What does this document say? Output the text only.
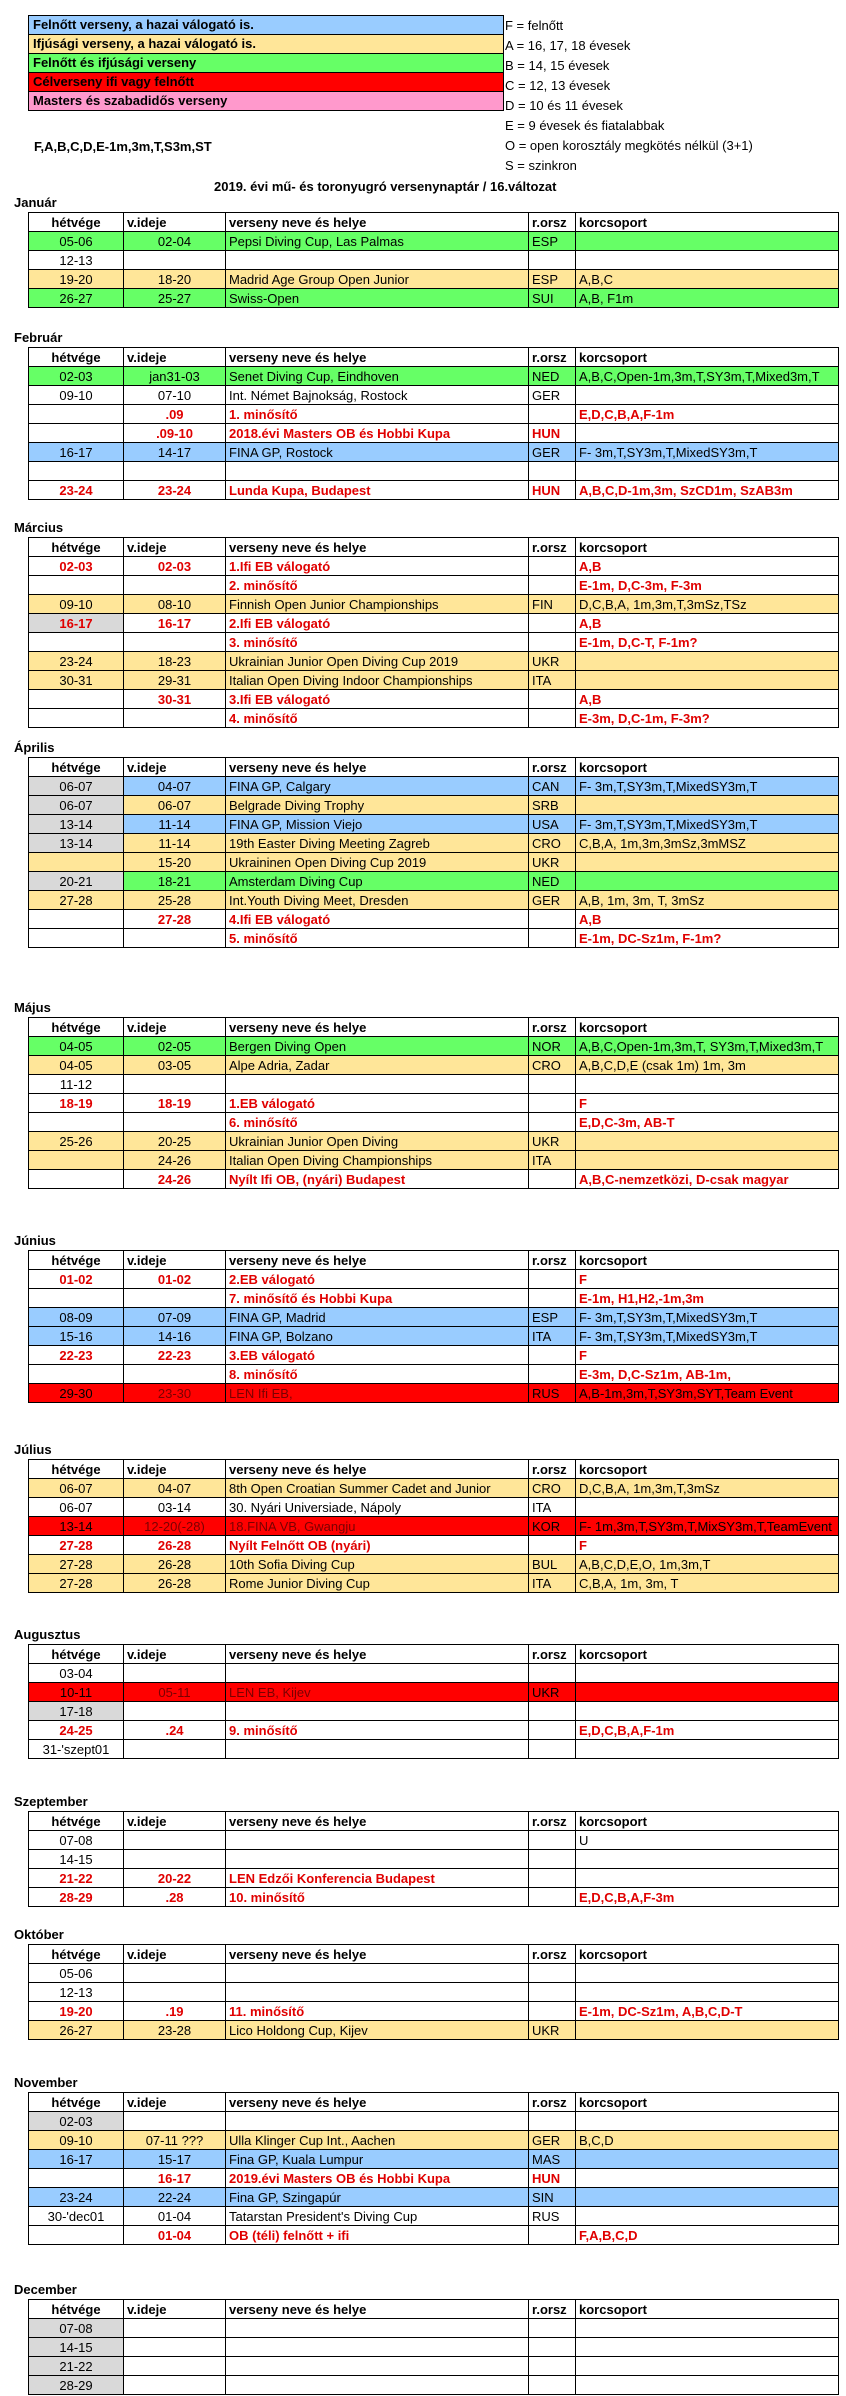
Felnőtt verseny, a hazai válogató is.
Ifjúsági verseny, a hazai válogató is.
Felnőtt és ifjúsági verseny
Célverseny ifi vagy felnőtt
Masters és szabadidős verseny
F = felnőtt
A = 16, 17, 18 évesek
B = 14, 15 évesek
C = 12, 13 évesek
D = 10 és 11 évesek
E = 9 évesek és fiatalabbak
O = open korosztály megkötés nélkül (3+1)
S = szinkron
F,A,B,C,D,E-1m,3m,T,S3m,ST
2019. évi mű- és toronyugró versenynaptár / 16.változat
Január
hétvége	v.ideje	verseny neve és helye	r.orsz	korcsoport
05-06	02-04	Pepsi Diving Cup, Las Palmas	ESP	
12-13				
19-20	18-20	Madrid Age Group Open Junior	ESP	A,B,C
26-27	25-27	Swiss-Open	SUI	A,B, F1m
Február
hétvége	v.ideje	verseny neve és helye	r.orsz	korcsoport
02-03	jan31-03	Senet Diving Cup, Eindhoven	NED	A,B,C,Open-1m,3m,T,SY3m,T,Mixed3m,T
09-10	07-10	Int. Német Bajnokság, Rostock	GER	
	.09	1. minősítő		E,D,C,B,A,F-1m
	.09-10	2018.évi Masters OB és Hobbi Kupa	HUN	
16-17	14-17	FINA GP, Rostock	GER	F- 3m,T,SY3m,T,MixedSY3m,T

23-24	23-24	Lunda Kupa, Budapest	HUN	A,B,C,D-1m,3m, SzCD1m, SzAB3m
Március
hétvége	v.ideje	verseny neve és helye	r.orsz	korcsoport
02-03	02-03	1.Ifi EB válogató		A,B
		2. minősítő		E-1m, D,C-3m, F-3m
09-10	08-10	Finnish Open Junior Championships	FIN	D,C,B,A, 1m,3m,T,3mSz,TSz
16-17	16-17	2.Ifi EB válogató		A,B
		3. minősítő		E-1m, D,C-T, F-1m?
23-24	18-23	Ukrainian Junior Open Diving Cup 2019	UKR	
30-31	29-31	Italian Open Diving Indoor Championships	ITA	
	30-31	3.Ifi EB válogató		A,B
		4. minősítő		E-3m, D,C-1m, F-3m?
Április
hétvége	v.ideje	verseny neve és helye	r.orsz	korcsoport
06-07	04-07	FINA GP, Calgary	CAN	F- 3m,T,SY3m,T,MixedSY3m,T
06-07	06-07	Belgrade Diving Trophy	SRB	
13-14	11-14	FINA GP, Mission Viejo	USA	F- 3m,T,SY3m,T,MixedSY3m,T
13-14	11-14	19th Easter Diving Meeting Zagreb	CRO	C,B,A, 1m,3m,3mSz,3mMSZ
	15-20	Ukraininen Open Diving Cup 2019	UKR	
20-21	18-21	Amsterdam Diving Cup	NED	
27-28	25-28	Int.Youth Diving Meet, Dresden	GER	A,B, 1m, 3m, T, 3mSz
	27-28	4.Ifi EB válogató		A,B
		5. minősítő		E-1m, DC-Sz1m, F-1m?
Május
hétvége	v.ideje	verseny neve és helye	r.orsz	korcsoport
04-05	02-05	Bergen Diving Open	NOR	A,B,C,Open-1m,3m,T, SY3m,T,Mixed3m,T
04-05	03-05	Alpe Adria, Zadar	CRO	A,B,C,D,E (csak 1m) 1m, 3m
11-12				
18-19	18-19	1.EB válogató		F
		6. minősítő		E,D,C-3m, AB-T
25-26	20-25	Ukrainian Junior Open Diving	UKR	
	24-26	Italian Open Diving Championships	ITA	
	24-26	Nyílt Ifi OB, (nyári) Budapest		A,B,C-nemzetközi, D-csak magyar
Június
hétvége	v.ideje	verseny neve és helye	r.orsz	korcsoport
01-02	01-02	2.EB válogató		F
		7. minősítő és Hobbi Kupa		E-1m, H1,H2,-1m,3m
08-09	07-09	FINA GP, Madrid	ESP	F- 3m,T,SY3m,T,MixedSY3m,T
15-16	14-16	FINA GP, Bolzano	ITA	F- 3m,T,SY3m,T,MixedSY3m,T
22-23	22-23	3.EB válogató		F
		8. minősítő		E-3m, D,C-Sz1m, AB-1m,
29-30	23-30	LEN Ifi EB,	RUS	A,B-1m,3m,T,SY3m,SYT,Team Event
Július
hétvége	v.ideje	verseny neve és helye	r.orsz	korcsoport
06-07	04-07	8th Open Croatian Summer Cadet and Junior	CRO	D,C,B,A, 1m,3m,T,3mSz
06-07	03-14	30. Nyári Universiade, Nápoly	ITA	
13-14	12-20(-28)	18.FINA VB, Gwangju	KOR	F- 1m,3m,T,SY3m,T,MixSY3m,T,TeamEvent
27-28	26-28	Nyílt Felnőtt OB (nyári)		F
27-28	26-28	10th Sofia Diving Cup	BUL	A,B,C,D,E,O, 1m,3m,T
27-28	26-28	Rome Junior Diving Cup	ITA	C,B,A, 1m, 3m, T
Augusztus
hétvége	v.ideje	verseny neve és helye	r.orsz	korcsoport
03-04				
10-11	05-11	LEN EB, Kijev	UKR	
17-18				
24-25	.24	9. minősítő		E,D,C,B,A,F-1m
31-'szept01				
Szeptember
hétvége	v.ideje	verseny neve és helye	r.orsz	korcsoport
07-08				U
14-15				
21-22	20-22	LEN Edzői Konferencia Budapest		
28-29	.28	10. minősítő		E,D,C,B,A,F-3m
Október
hétvége	v.ideje	verseny neve és helye	r.orsz	korcsoport
05-06				
12-13				
19-20	.19	11. minősítő		E-1m, DC-Sz1m, A,B,C,D-T
26-27	23-28	Lico Holdong Cup, Kijev	UKR	
November
hétvége	v.ideje	verseny neve és helye	r.orsz	korcsoport
02-03				
09-10	07-11 ???	Ulla Klinger Cup Int., Aachen	GER	B,C,D
16-17	15-17	Fina GP, Kuala Lumpur	MAS	
	16-17	2019.évi Masters OB és Hobbi Kupa	HUN	
23-24	22-24	Fina GP, Szingapúr	SIN	
30-'dec01	01-04	Tatarstan President's Diving Cup	RUS	
	01-04	OB (téli) felnőtt + ifi		F,A,B,C,D
December
hétvége	v.ideje	verseny neve és helye	r.orsz	korcsoport
07-08				
14-15				
21-22				
28-29				
